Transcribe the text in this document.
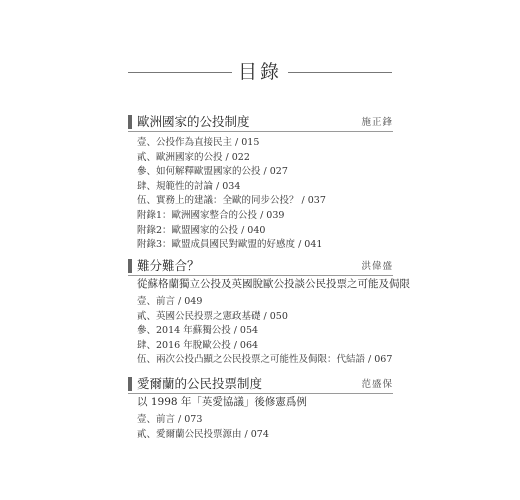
目錄
歐洲國家的公投制度	施正鋒
壹、公投作為直接民主 / 015
貳、歐洲國家的公投 / 022
參、如何解釋歐盟國家的公投 / 027
肆、規範性的討論 / 034
伍、實務上的建議：全歐的同步公投？ / 037
附錄1：歐洲國家整合的公投 / 039
附錄2：歐盟國家的公投 / 040
附錄3：歐盟成員國民對歐盟的好感度 / 041
難分難合？	洪偉盛
從蘇格蘭獨立公投及英國脫歐公投談公民投票之可能及侷限
壹、前言 / 049
貳、英國公民投票之憲政基礎 / 050
參、2014 年蘇獨公投 / 054
肆、2016 年脫歐公投 / 064
伍、兩次公投凸顯之公民投票之可能性及侷限：代結語 / 067
愛爾蘭的公民投票制度	范盛保
以 1998 年「英愛協議」後修憲爲例
壹、前言 / 073
貳、愛爾蘭公民投票源由 / 074
